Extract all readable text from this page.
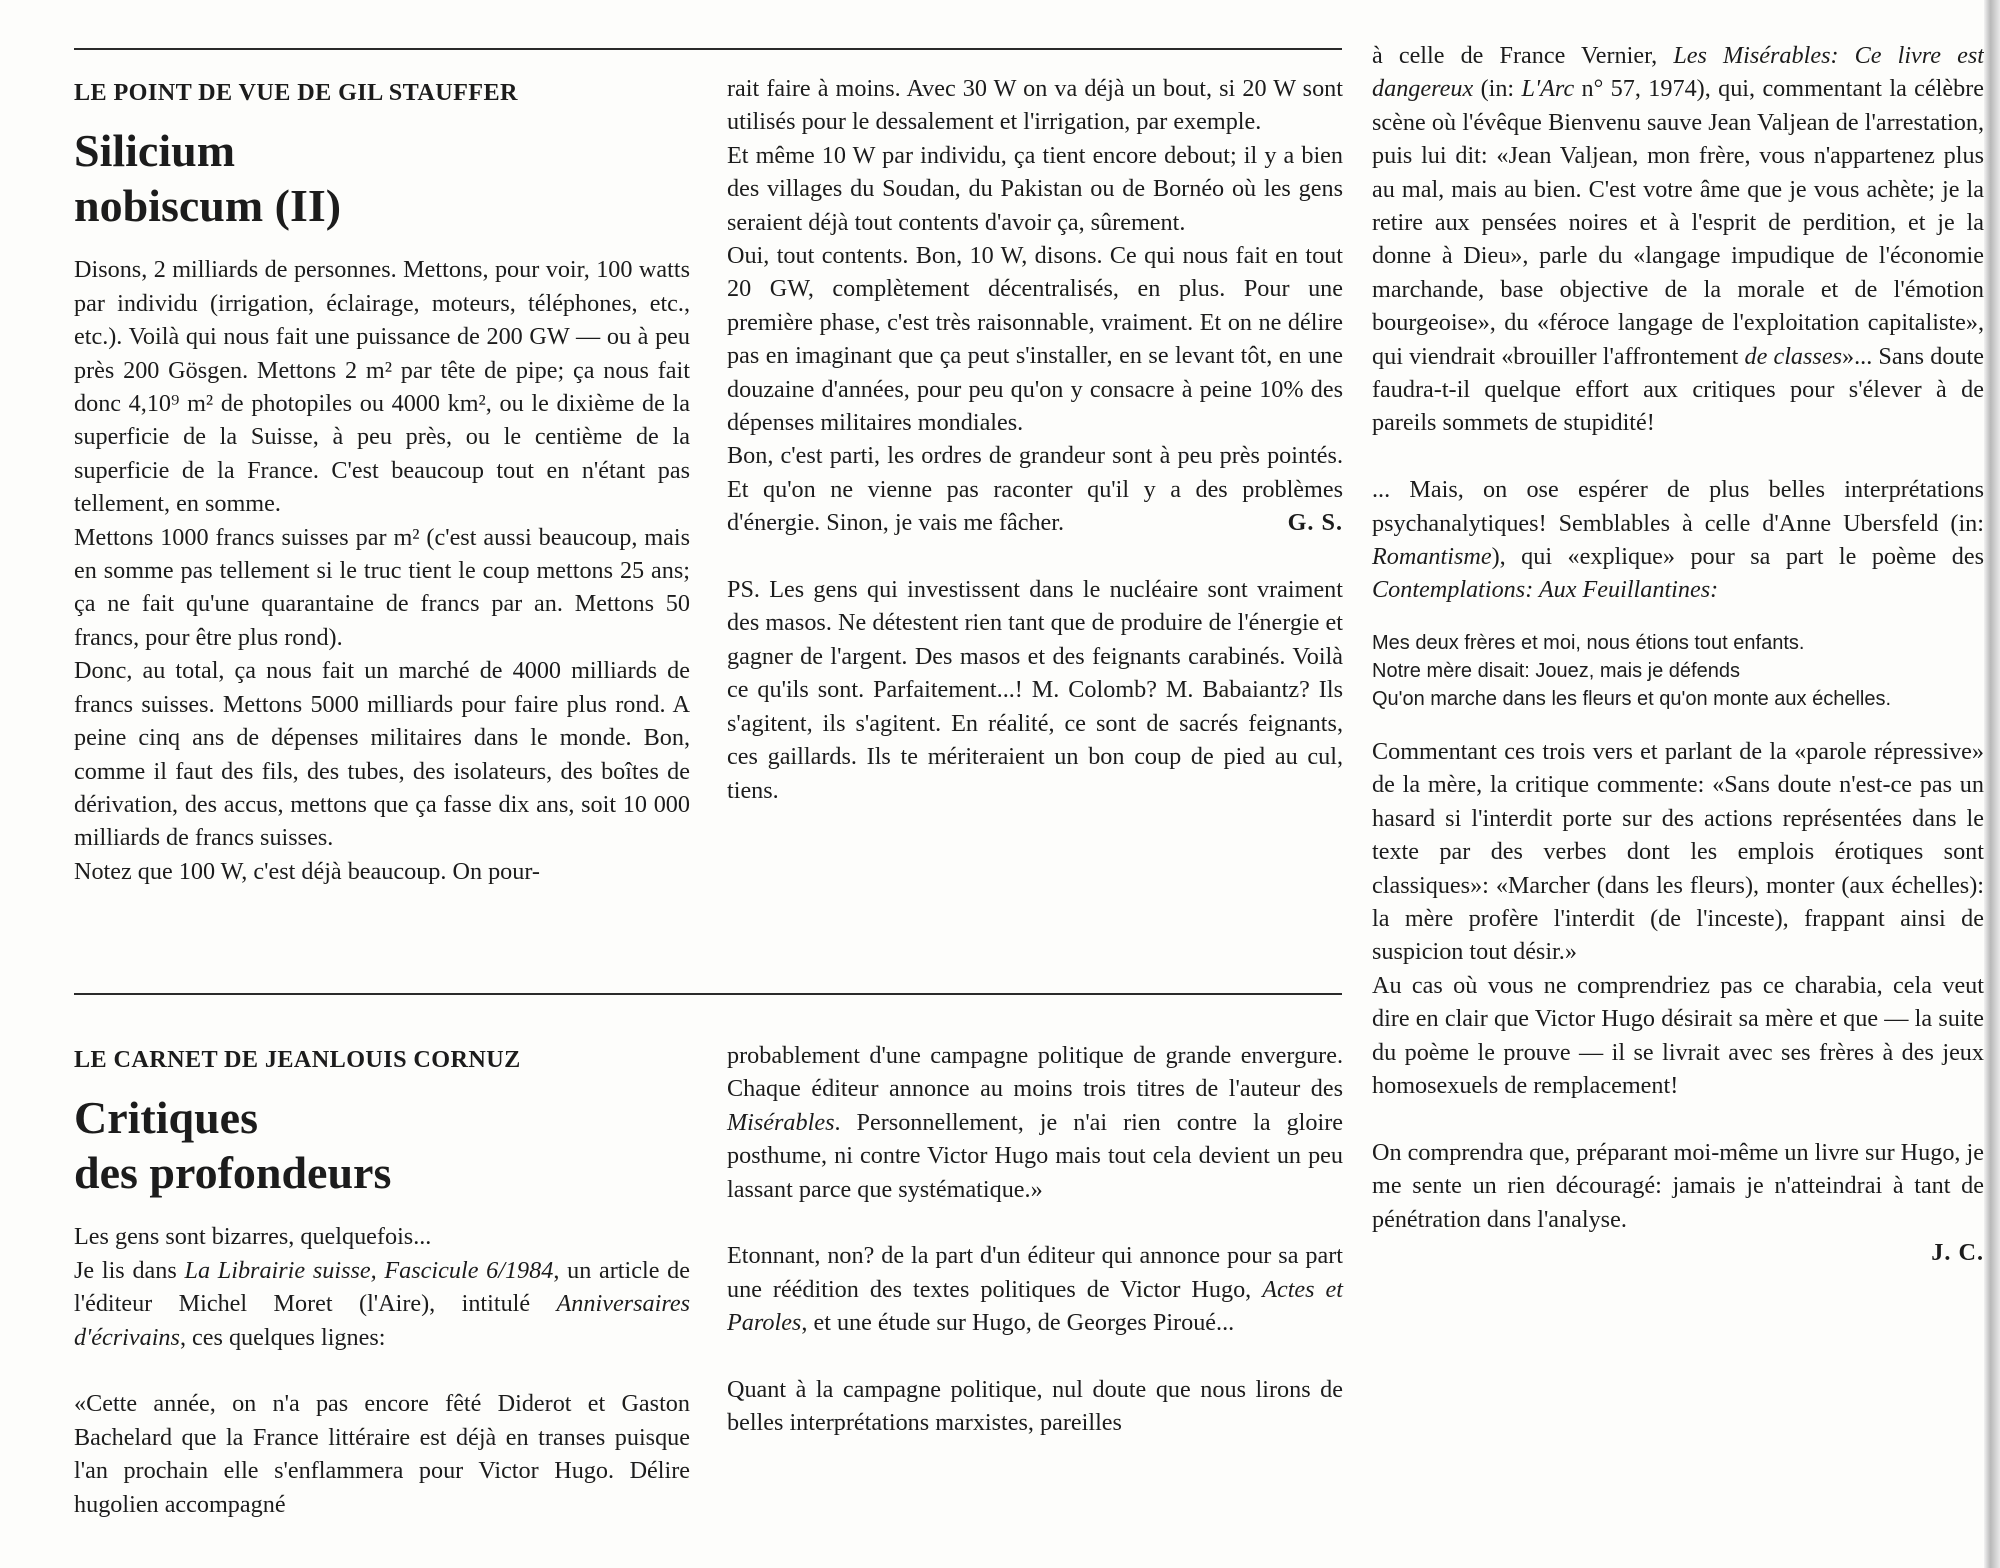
LE POINT DE VUE DE GIL STAUFFER

Silicium
nobiscum (II)

Disons, 2 milliards de personnes. Mettons, pour voir, 100 watts par individu (irrigation, éclairage, moteurs, téléphones, etc., etc.). Voilà qui nous fait une puissance de 200 GW — ou à peu près 200 Gösgen. Mettons 2 m² par tête de pipe; ça nous fait donc 4,10⁹ m² de photopiles ou 4000 km², ou le dixième de la superficie de la Suisse, à peu près, ou le centième de la superficie de la France. C'est beaucoup tout en n'étant pas tellement, en somme.

Mettons 1000 francs suisses par m² (c'est aussi beaucoup, mais en somme pas tellement si le truc tient le coup mettons 25 ans; ça ne fait qu'une quarantaine de francs par an. Mettons 50 francs, pour être plus rond).

Donc, au total, ça nous fait un marché de 4000 milliards de francs suisses. Mettons 5000 milliards pour faire plus rond. A peine cinq ans de dépenses militaires dans le monde. Bon, comme il faut des fils, des tubes, des isolateurs, des boîtes de dérivation, des accus, mettons que ça fasse dix ans, soit 10 000 milliards de francs suisses.

Notez que 100 W, c'est déjà beaucoup. On pour-

rait faire à moins. Avec 30 W on va déjà un bout, si 20 W sont utilisés pour le dessalement et l'irrigation, par exemple.

Et même 10 W par individu, ça tient encore debout; il y a bien des villages du Soudan, du Pakistan ou de Bornéo où les gens seraient déjà tout contents d'avoir ça, sûrement.

Oui, tout contents. Bon, 10 W, disons. Ce qui nous fait en tout 20 GW, complètement décentralisés, en plus. Pour une première phase, c'est très raisonnable, vraiment. Et on ne délire pas en imaginant que ça peut s'installer, en se levant tôt, en une douzaine d'années, pour peu qu'on y consacre à peine 10% des dépenses militaires mondiales.

Bon, c'est parti, les ordres de grandeur sont à peu près pointés. Et qu'on ne vienne pas raconter qu'il y a des problèmes d'énergie. Sinon, je vais me fâcher.	G. S.

PS. Les gens qui investissent dans le nucléaire sont vraiment des masos. Ne détestent rien tant que de produire de l'énergie et gagner de l'argent. Des masos et des feignants carabinés. Voilà ce qu'ils sont. Parfaitement...! M. Colomb? M. Babaiantz? Ils s'agitent, ils s'agitent. En réalité, ce sont de sacrés feignants, ces gaillards. Ils te mériteraient un bon coup de pied au cul, tiens.

LE CARNET DE JEANLOUIS CORNUZ

Critiques
des profondeurs

Les gens sont bizarres, quelquefois...

Je lis dans La Librairie suisse, Fascicule 6/1984, un article de l'éditeur Michel Moret (l'Aire), intitulé Anniversaires d'écrivains, ces quelques lignes:

«Cette année, on n'a pas encore fêté Diderot et Gaston Bachelard que la France littéraire est déjà en transes puisque l'an prochain elle s'enflammera pour Victor Hugo. Délire hugolien accompagné

probablement d'une campagne politique de grande envergure. Chaque éditeur annonce au moins trois titres de l'auteur des Misérables. Personnellement, je n'ai rien contre la gloire posthume, ni contre Victor Hugo mais tout cela devient un peu lassant parce que systématique.»

Etonnant, non? de la part d'un éditeur qui annonce pour sa part une réédition des textes politiques de Victor Hugo, Actes et Paroles, et une étude sur Hugo, de Georges Piroué...

Quant à la campagne politique, nul doute que nous lirons de belles interprétations marxistes, pareilles

à celle de France Vernier, Les Misérables: Ce livre est dangereux (in: L'Arc n° 57, 1974), qui, commentant la célèbre scène où l'évêque Bienvenu sauve Jean Valjean de l'arrestation, puis lui dit: «Jean Valjean, mon frère, vous n'appartenez plus au mal, mais au bien. C'est votre âme que je vous achète; je la retire aux pensées noires et à l'esprit de perdition, et je la donne à Dieu», parle du «langage impudique de l'économie marchande, base objective de la morale et de l'émotion bourgeoise», du «féroce langage de l'exploitation capitaliste», qui viendrait «brouiller l'affrontement de classes»... Sans doute faudra-t-il quelque effort aux critiques pour s'élever à de pareils sommets de stupidité!

... Mais, on ose espérer de plus belles interprétations psychanalytiques! Semblables à celle d'Anne Ubersfeld (in: Romantisme), qui «explique» pour sa part le poème des Contemplations: Aux Feuillantines:

Mes deux frères et moi, nous étions tout enfants.

Notre mère disait: Jouez, mais je défends

Qu'on marche dans les fleurs et qu'on monte aux échelles.

Commentant ces trois vers et parlant de la «parole répressive» de la mère, la critique commente: «Sans doute n'est-ce pas un hasard si l'interdit porte sur des actions représentées dans le texte par des verbes dont les emplois érotiques sont classiques»: «Marcher (dans les fleurs), monter (aux échelles): la mère profère l'interdit (de l'inceste), frappant ainsi de suspicion tout désir.»

Au cas où vous ne comprendriez pas ce charabia, cela veut dire en clair que Victor Hugo désirait sa mère et que — la suite du poème le prouve — il se livrait avec ses frères à des jeux homosexuels de remplacement!

On comprendra que, préparant moi-même un livre sur Hugo, je me sente un rien découragé: jamais je n'atteindrai à tant de pénétration dans l'analyse.

J. C.
